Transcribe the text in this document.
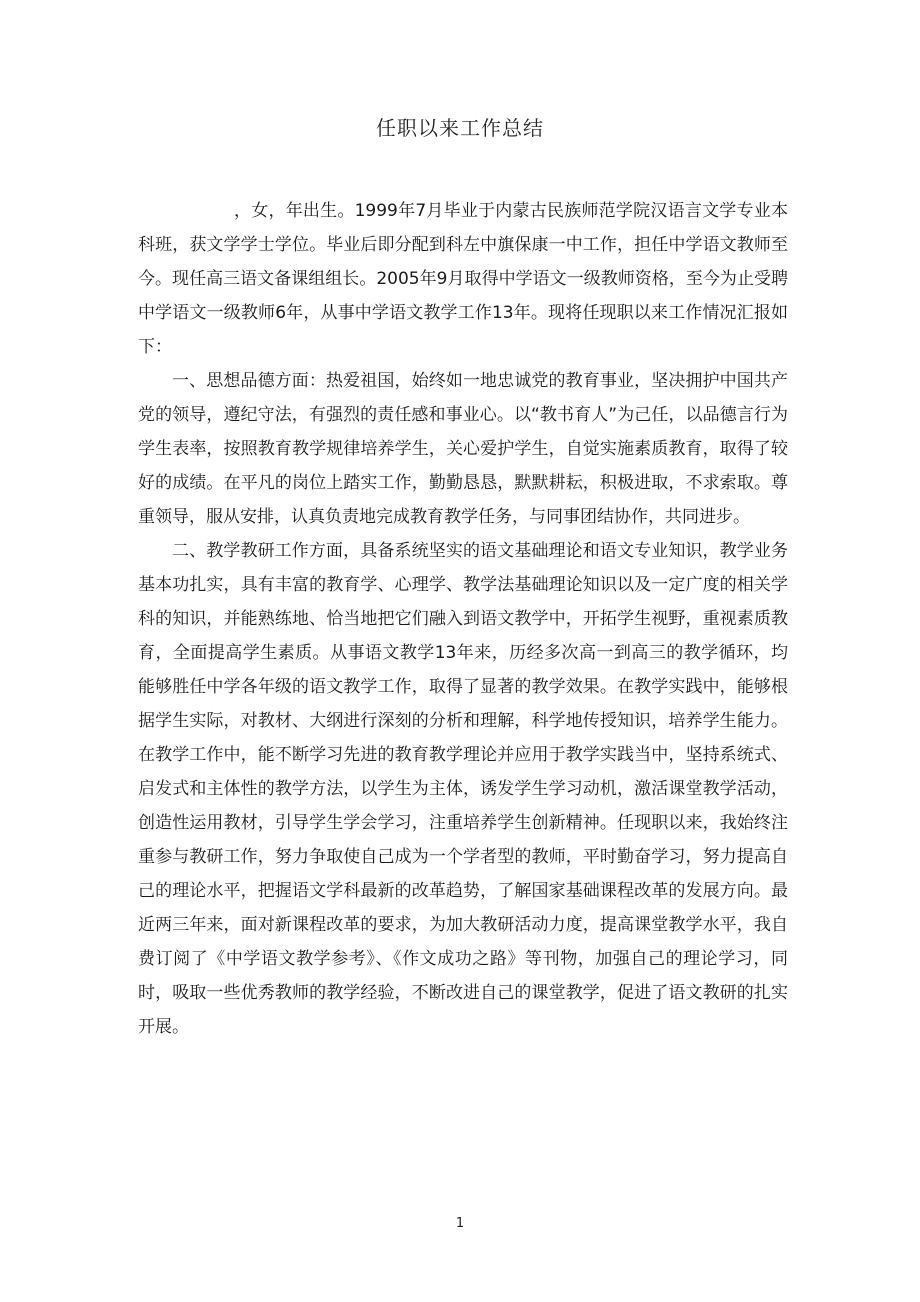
任职以来工作总结

，女，年出生。1999年7月毕业于内蒙古民族师范学院汉语言文学专业本科班，获文学学士学位。毕业后即分配到科左中旗保康一中工作，担任中学语文教师至今。现任高三语文备课组组长。2005年9月取得中学语文一级教师资格，至今为止受聘中学语文一级教师6年，从事中学语文教学工作13年。现将任现职以来工作情况汇报如下：

一、思想品德方面：热爱祖国，始终如一地忠诚党的教育事业，坚决拥护中国共产党的领导，遵纪守法，有强烈的责任感和事业心。以“教书育人”为己任，以品德言行为学生表率，按照教育教学规律培养学生，关心爱护学生，自觉实施素质教育，取得了较好的成绩。在平凡的岗位上踏实工作，勤勤恳恳，默默耕耘，积极进取，不求索取。尊重领导，服从安排，认真负责地完成教育教学任务，与同事团结协作，共同进步。

二、教学教研工作方面，具备系统坚实的语文基础理论和语文专业知识，教学业务基本功扎实，具有丰富的教育学、心理学、教学法基础理论知识以及一定广度的相关学科的知识，并能熟练地、恰当地把它们融入到语文教学中，开拓学生视野，重视素质教育，全面提高学生素质。从事语文教学13年来，历经多次高一到高三的教学循环，均能够胜任中学各年级的语文教学工作，取得了显著的教学效果。在教学实践中，能够根据学生实际，对教材、大纲进行深刻的分析和理解，科学地传授知识，培养学生能力。在教学工作中，能不断学习先进的教育教学理论并应用于教学实践当中，坚持系统式、启发式和主体性的教学方法，以学生为主体，诱发学生学习动机，激活课堂教学活动，创造性运用教材，引导学生学会学习，注重培养学生创新精神。任现职以来，我始终注重参与教研工作，努力争取使自己成为一个学者型的教师，平时勤奋学习，努力提高自己的理论水平，把握语文学科最新的改革趋势，了解国家基础课程改革的发展方向。最近两三年来，面对新课程改革的要求，为加大教研活动力度，提高课堂教学水平，我自费订阅了《中学语文教学参考》、《作文成功之路》等刊物，加强自己的理论学习，同时，吸取一些优秀教师的教学经验，不断改进自己的课堂教学，促进了语文教研的扎实开展。

1
